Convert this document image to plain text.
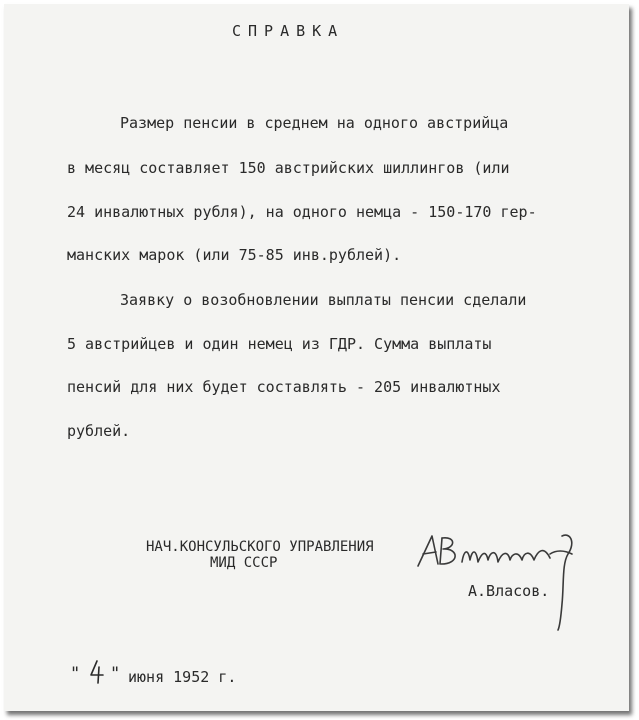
СПРАВКА
Размер пенсии в среднем на одного австрийца
в месяц составляет 150 австрийских шиллингов (или
24 инвалютных рубля), на одного немца - 150-170 гер-
манских марок (или 75-85 инв.рублей).
Заявку о возобновлении выплаты пенсии сделали
5 австрийцев и один немец из ГДР. Сумма выплаты
пенсий для них будет составлять - 205 инвалютных
рублей.
НАЧ.КОНСУЛЬСКОГО УПРАВЛЕНИЯ
МИД СССР
А.Власов.
" " июня 1952 г.
